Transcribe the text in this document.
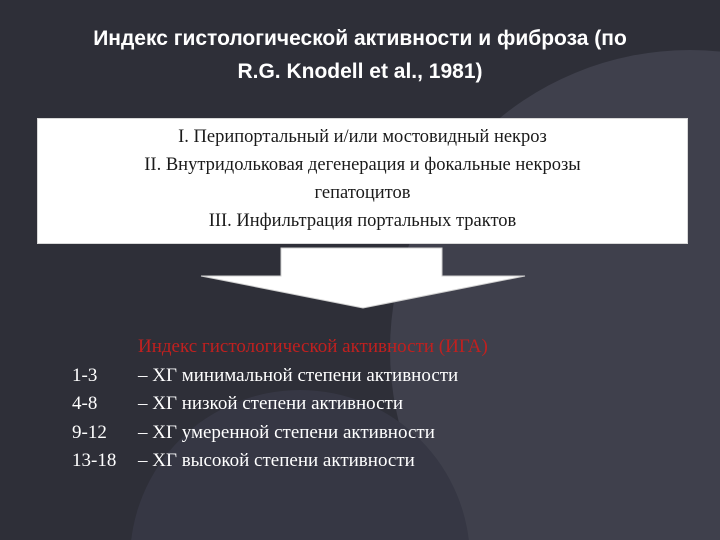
Индекс гистологической активности и фиброза (по
R.G. Knodell et al., 1981)
I. Перипортальный и/или мостовидный некроз
II. Внутридольковая дегенерация и фокальные некрозы
гепатоцитов
III. Инфильтрация портальных трактов
Индекс гистологической активности (ИГА)
1-3	– ХГ минимальной степени активности
4-8	– ХГ низкой степени активности
9-12	– ХГ умеренной степени активности
13-18	– ХГ высокой степени активности
